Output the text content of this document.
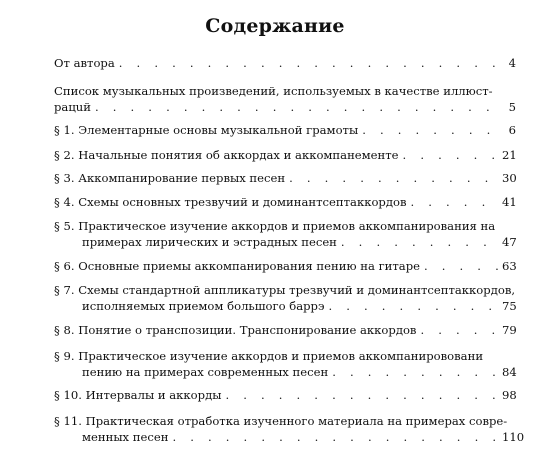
Содержание
От автора . . .	4
Список музыкальных произведений, используемых в качестве иллюст-
рацuй . . .	5
§ 1. Элементарные основы музыкальной грамоты . . .	6
§ 2. Начальные понятия об аккордах и аккомпанементе . . .	21
§ 3. Аккомпанирование первых песен . . .	30
§ 4. Схемы основных трезвучий и доминантсептаккордов . . .	41
§ 5. Практическое изучение аккордов и приемов аккомпанирования на
примерах лирических и эстрадных песен . . .	47
§ 6. Основные приемы аккомпанирования пению на гитаре . . .	63
§ 7. Схемы стандартной аппликатуры трезвучий и доминантсептаккордов,
исполняемых приемом большого баррэ . . .	75
§ 8. Понятие о транспозиции. Транспонирование аккордов . . .	79
§ 9. Практическое изучение аккордов и приемов аккомпанирововани
пению на примерах современных песен . . .	84
§ 10. Интервалы и аккорды . . .	98
§ 11. Практическая отработка изученного материала на примерах совре-
менных песен . . .	110
